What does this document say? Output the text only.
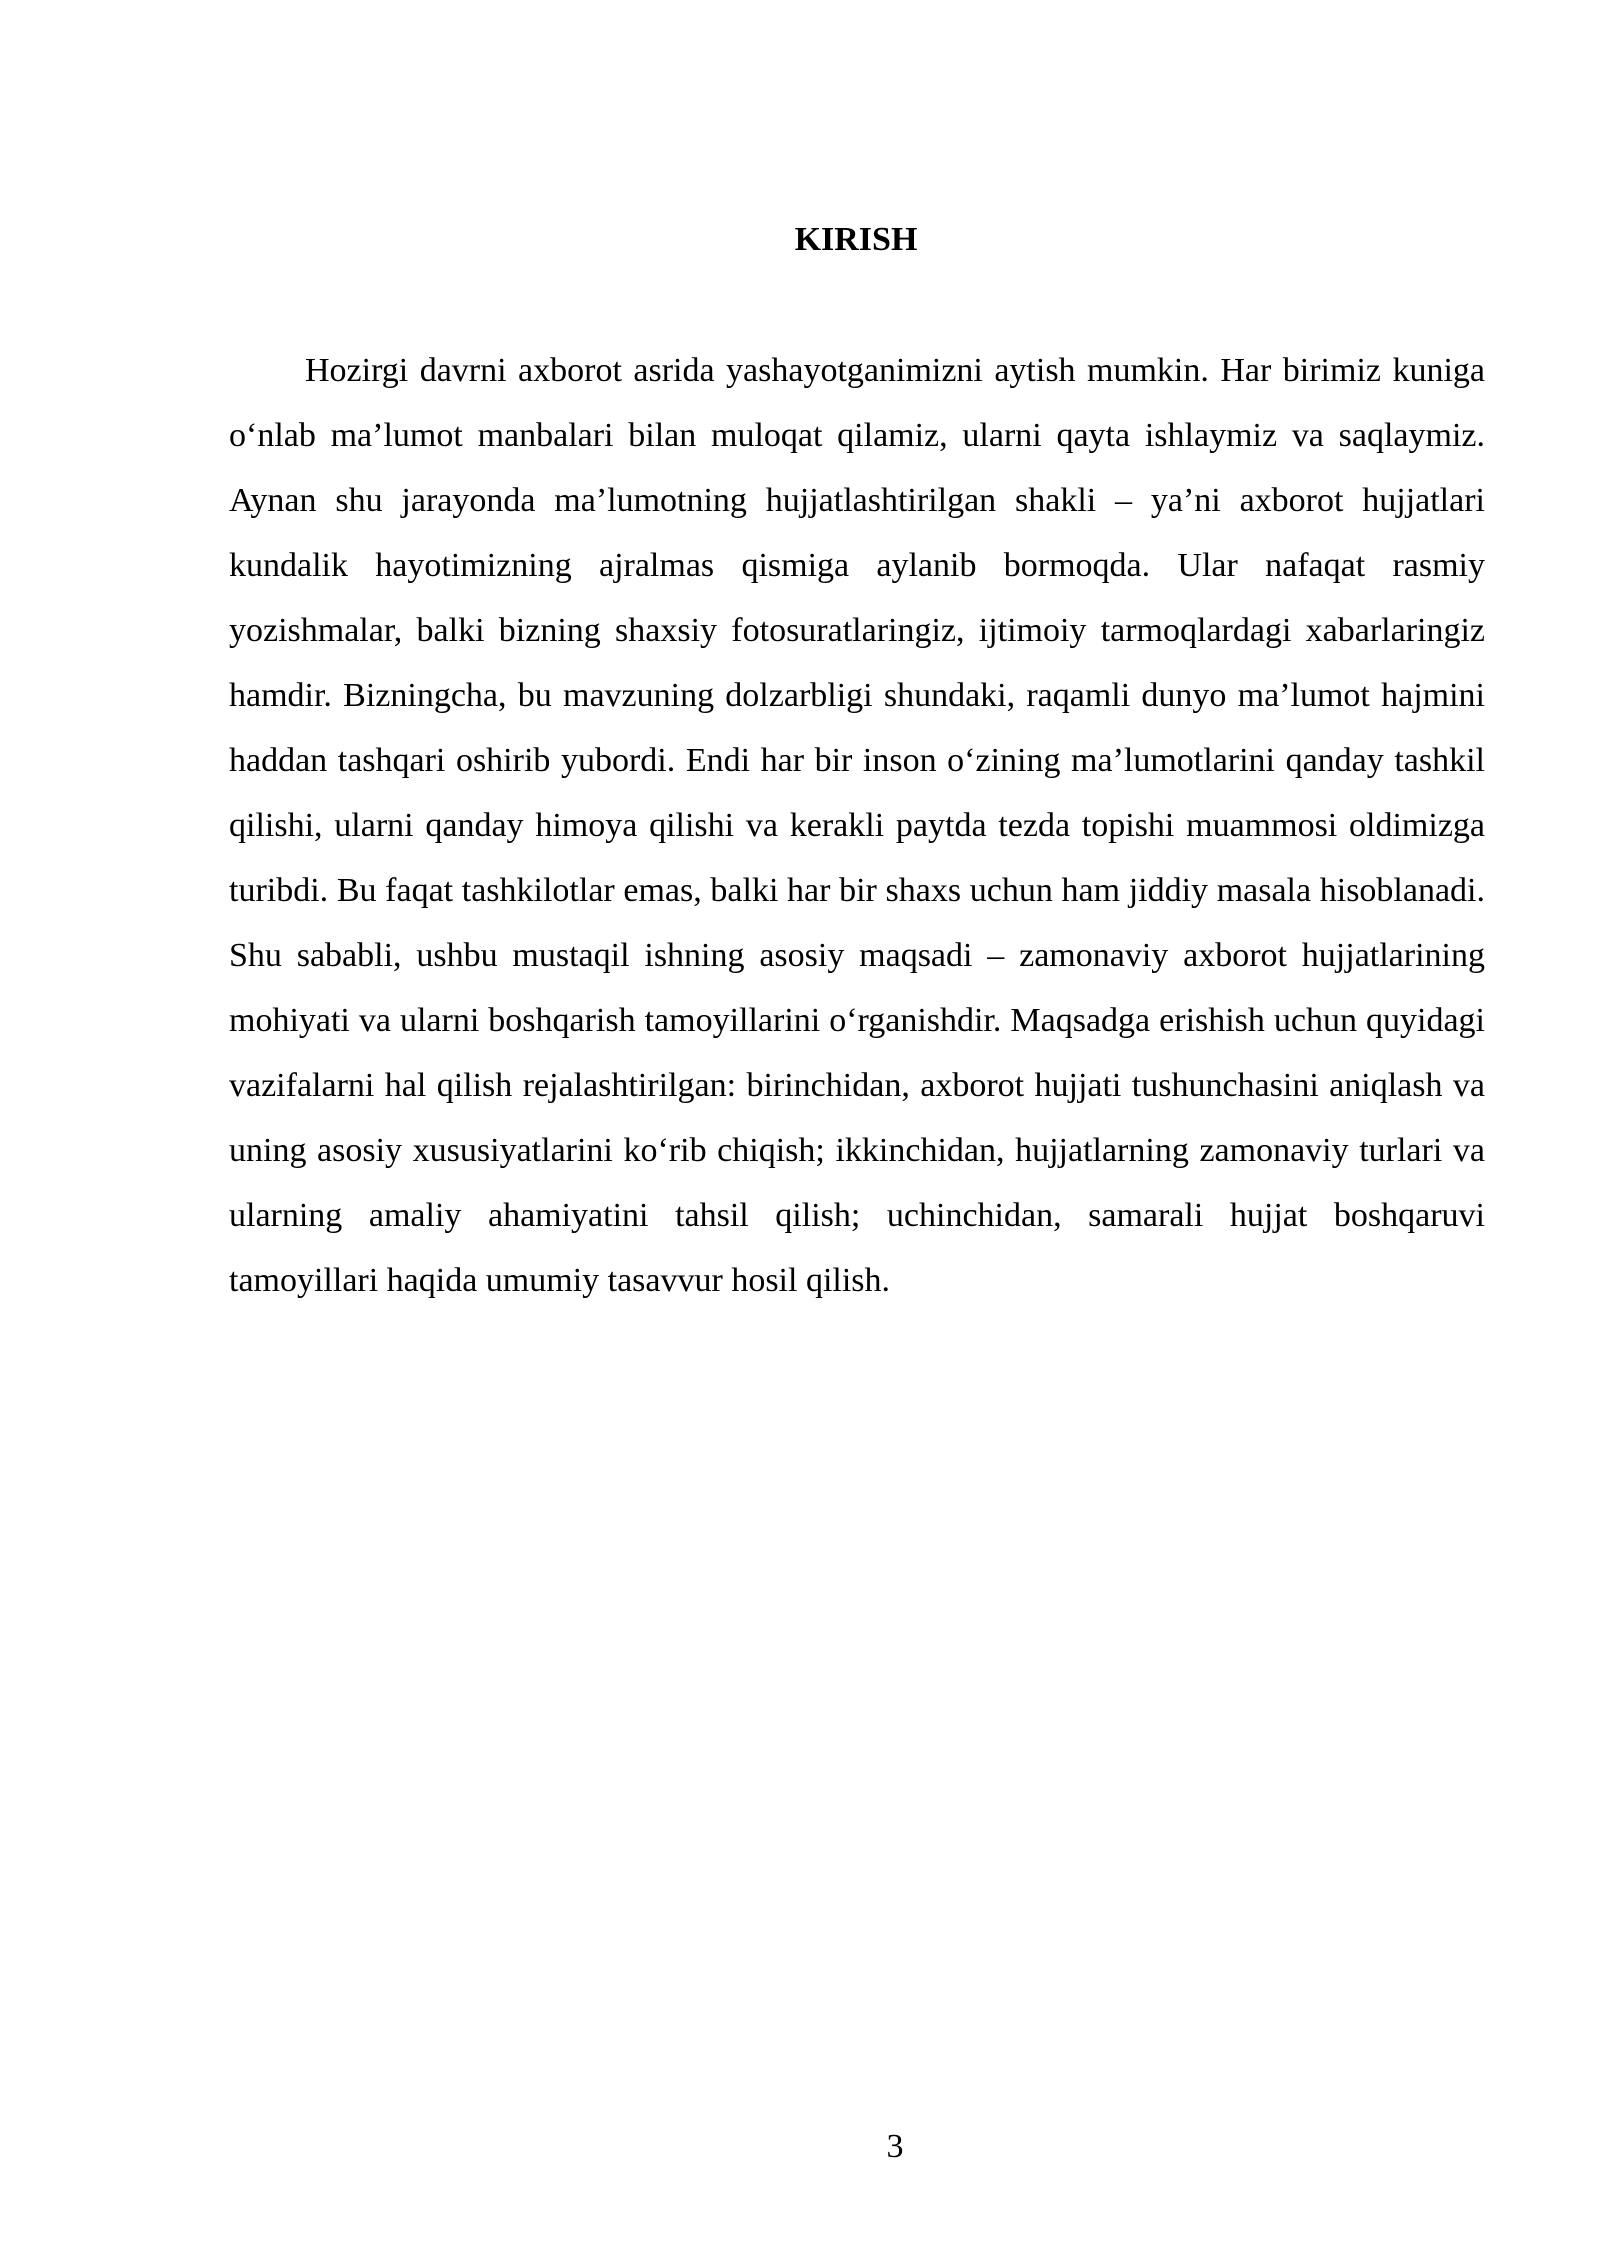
KIRISH

Hozirgi davrni axborot asrida yashayotganimizni aytish mumkin. Har birimiz kuniga o‘nlab ma’lumot manbalari bilan muloqat qilamiz, ularni qayta ishlaymiz va saqlaymiz. Aynan shu jarayonda ma’lumotning hujjatlashtirilgan shakli – ya’ni axborot hujjatlari kundalik hayotimizning ajralmas qismiga aylanib bormoqda. Ular nafaqat rasmiy yozishmalar, balki bizning shaxsiy fotosuratlaringiz, ijtimoiy tarmoqlardagi xabarlaringiz hamdir. Bizningcha, bu mavzuning dolzarbligi shundaki, raqamli dunyo ma’lumot hajmini haddan tashqari oshirib yubordi. Endi har bir inson o‘zining ma’lumotlarini qanday tashkil qilishi, ularni qanday himoya qilishi va kerakli paytda tezda topishi muammosi oldimizga turibdi. Bu faqat tashkilotlar emas, balki har bir shaxs uchun ham jiddiy masala hisoblanadi. Shu sababli, ushbu mustaqil ishning asosiy maqsadi – zamonaviy axborot hujjatlarining mohiyati va ularni boshqarish tamoyillarini o‘rganishdir. Maqsadga erishish uchun quyidagi vazifalarni hal qilish rejalashtirilgan: birinchidan, axborot hujjati tushunchasini aniqlash va uning asosiy xususiyatlarini ko‘rib chiqish; ikkinchidan, hujjatlarning zamonaviy turlari va ularning amaliy ahamiyatini tahsil qilish; uchinchidan, samarali hujjat boshqaruvi tamoyillari haqida umumiy tasavvur hosil qilish.

3
